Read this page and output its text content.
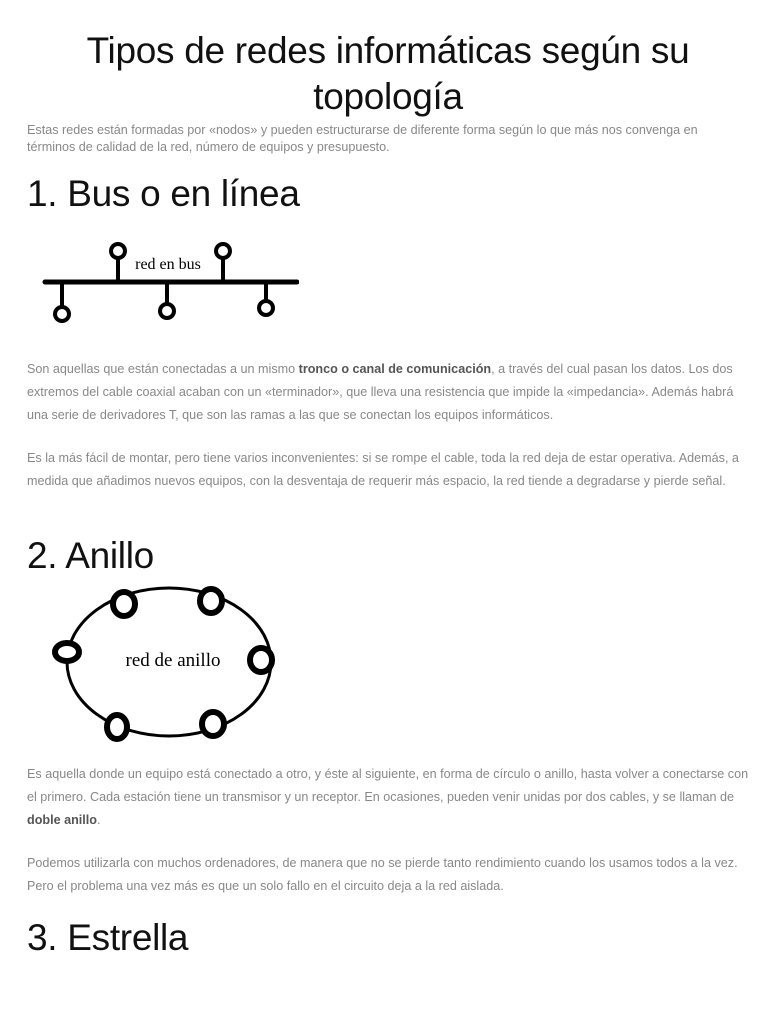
Tipos de redes informáticas según su topología

Estas redes están formadas por «nodos» y pueden estructurarse de diferente forma según lo que más nos convenga en términos de calidad de la red, número de equipos y presupuesto.

1. Bus o en línea
red en bus

Son aquellas que están conectadas a un mismo tronco o canal de comunicación, a través del cual pasan los datos. Los dos extremos del cable coaxial acaban con un «terminador», que lleva una resistencia que impide la «impedancia». Además habrá una serie de derivadores T, que son las ramas a las que se conectan los equipos informáticos.

Es la más fácil de montar, pero tiene varios inconvenientes: si se rompe el cable, toda la red deja de estar operativa. Además, a medida que añadimos nuevos equipos, con la desventaja de requerir más espacio, la red tiende a degradarse y pierde señal.

2. Anillo
red de anillo

Es aquella donde un equipo está conectado a otro, y éste al siguiente, en forma de círculo o anillo, hasta volver a conectarse con el primero. Cada estación tiene un transmisor y un receptor. En ocasiones, pueden venir unidas por dos cables, y se llaman de doble anillo.

Podemos utilizarla con muchos ordenadores, de manera que no se pierde tanto rendimiento cuando los usamos todos a la vez. Pero el problema una vez más es que un solo fallo en el circuito deja a la red aislada.

3. Estrella
